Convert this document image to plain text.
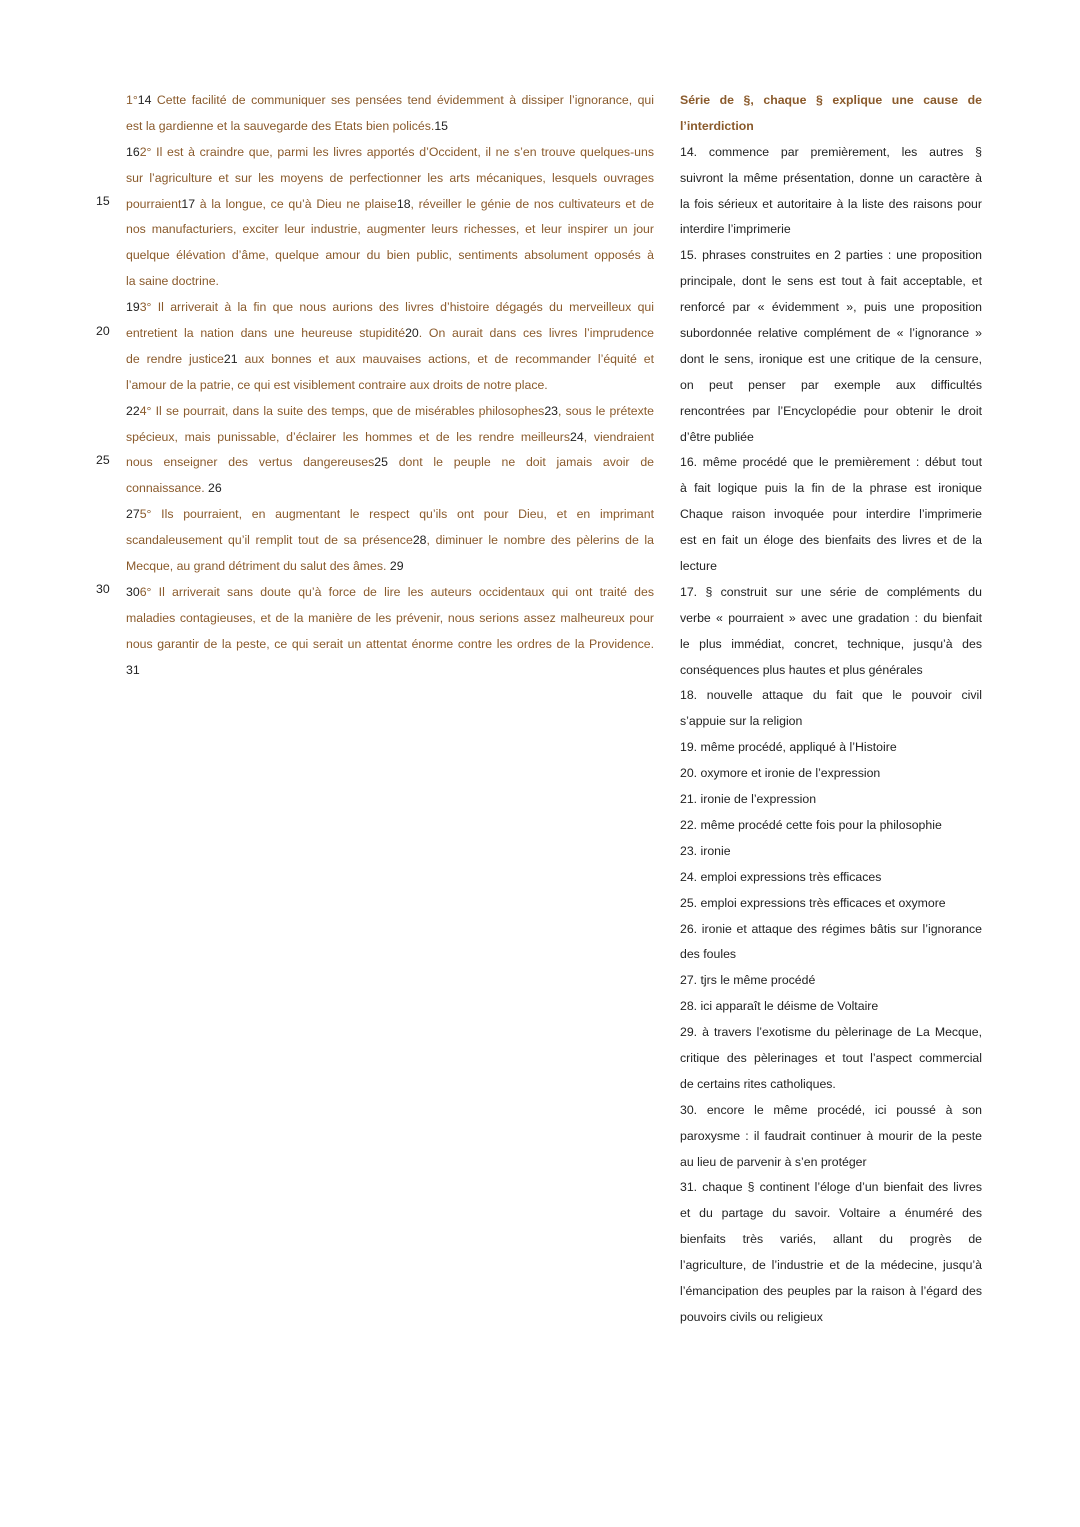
15
20
25
30
1°14 Cette facilité de communiquer ses pensées tend évidemment à dissiper l’ignorance, qui
est la gardienne et la sauvegarde des Etats bien policés.15
162° Il est à craindre que, parmi les livres apportés d’Occident, il ne s’en trouve quelques-uns
sur l’agriculture et sur les moyens de perfectionner les arts mécaniques, lesquels ouvrages
pourraient17 à la longue, ce qu’à Dieu ne plaise18, réveiller le génie de nos cultivateurs et de
nos manufacturiers, exciter leur industrie, augmenter leurs richesses, et leur inspirer un jour
quelque élévation d’âme, quelque amour du bien public, sentiments absolument opposés à
la saine doctrine.
193° Il arriverait à la fin que nous aurions des livres d’histoire dégagés du merveilleux qui
entretient la nation dans une heureuse stupidité20. On aurait dans ces livres l’imprudence
de rendre justice21 aux bonnes et aux mauvaises actions, et de recommander l’équité et
l’amour de la patrie, ce qui est visiblement contraire aux droits de notre place.
224° Il se pourrait, dans la suite des temps, que de misérables philosophes23, sous le prétexte
spécieux, mais punissable, d’éclairer les hommes et de les rendre meilleurs24, viendraient
nous enseigner des vertus dangereuses25 dont le peuple ne doit jamais avoir de
connaissance. 26
275° Ils pourraient, en augmentant le respect qu’ils ont pour Dieu, et en imprimant
scandaleusement qu’il remplit tout de sa présence28, diminuer le nombre des pèlerins de la
Mecque, au grand détriment du salut des âmes. 29
306° Il arriverait sans doute qu’à force de lire les auteurs occidentaux qui ont traité des
maladies contagieuses, et de la manière de les prévenir, nous serions assez malheureux pour
nous garantir de la peste, ce qui serait un attentat énorme contre les ordres de la Providence.
31
Série de §, chaque § explique une cause de
l’interdiction
14. commence par premièrement, les autres §
suivront la même présentation, donne un caractère à
la fois sérieux et autoritaire à la liste des raisons pour
interdire l’imprimerie
15. phrases construites en 2 parties : une proposition
principale, dont le sens est tout à fait acceptable, et
renforcé par « évidemment », puis une proposition
subordonnée relative complément de « l’ignorance »
dont le sens, ironique est une critique de la censure,
on peut penser par exemple aux difficultés
rencontrées par l’Encyclopédie pour obtenir le droit
d’être publiée
16. même procédé que le premièrement : début tout
à fait logique puis la fin de la phrase est ironique
Chaque raison invoquée pour interdire l’imprimerie
est en fait un éloge des bienfaits des livres et de la
lecture
17. § construit sur une série de compléments du
verbe « pourraient » avec une gradation : du bienfait
le plus immédiat, concret, technique, jusqu’à des
conséquences plus hautes et plus générales
18. nouvelle attaque du fait que le pouvoir civil
s’appuie sur la religion
19. même procédé, appliqué à l’Histoire
20. oxymore et ironie de l’expression
21. ironie de l’expression
22. même procédé cette fois pour la philosophie
23. ironie
24. emploi expressions très efficaces
25. emploi expressions très efficaces et oxymore
26. ironie et attaque des régimes bâtis sur l’ignorance
des foules
27. tjrs le même procédé
28. ici apparaît le déisme de Voltaire
29. à travers l’exotisme du pèlerinage de La Mecque,
critique des pèlerinages et tout l’aspect commercial
de certains rites catholiques.
30. encore le même procédé, ici poussé à son
paroxysme : il faudrait continuer à mourir de la peste
au lieu de parvenir à s’en protéger
31. chaque § continent l’éloge d’un bienfait des livres
et du partage du savoir. Voltaire a énuméré des
bienfaits très variés, allant du progrès de
l’agriculture, de l’industrie et de la médecine, jusqu’à
l’émancipation des peuples par la raison à l’égard des
pouvoirs civils ou religieux
